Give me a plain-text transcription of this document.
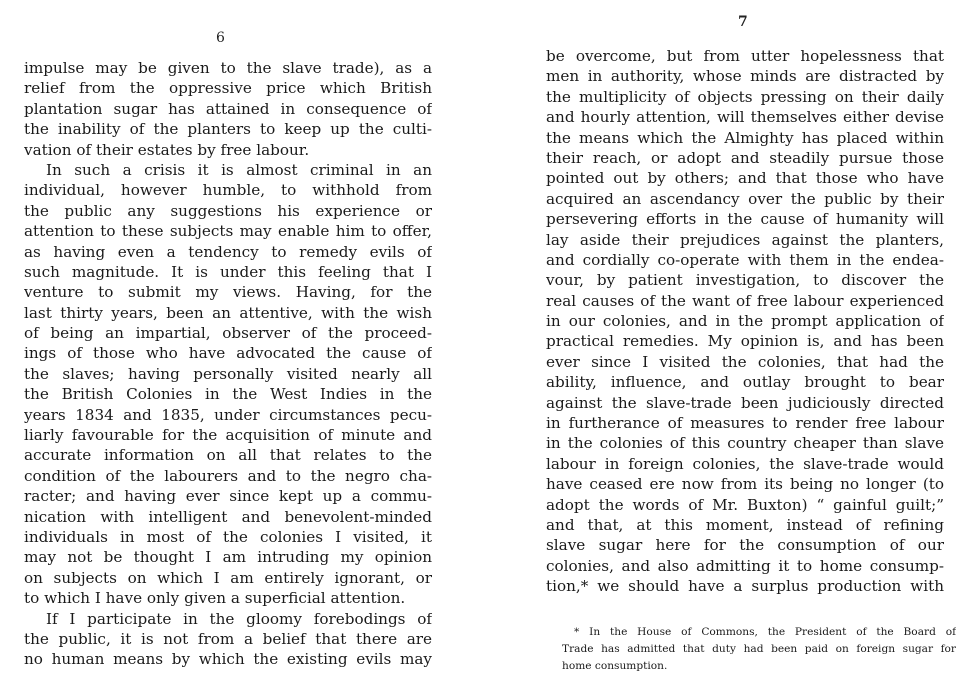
6
impulse may be given to the slave trade), as a
relief from the oppressive price which British
plantation sugar has attained in consequence of
the inability of the planters to keep up the culti-
vation of their estates by free labour.
In such a crisis it is almost criminal in an
individual, however humble, to withhold from
the public any suggestions his experience or
attention to these subjects may enable him to offer,
as having even a tendency to remedy evils of
such magnitude. It is under this feeling that I
venture to submit my views. Having, for the
last thirty years, been an attentive, with the wish
of being an impartial, observer of the proceed-
ings of those who have advocated the cause of
the slaves; having personally visited nearly all
the British Colonies in the West Indies in the
years 1834 and 1835, under circumstances pecu-
liarly favourable for the acquisition of minute and
accurate information on all that relates to the
condition of the labourers and to the negro cha-
racter; and having ever since kept up a commu-
nication with intelligent and benevolent-minded
individuals in most of the colonies I visited, it
may not be thought I am intruding my opinion
on subjects on which I am entirely ignorant, or
to which I have only given a superficial attention.
If I participate in the gloomy forebodings of
the public, it is not from a belief that there are
no human means by which the existing evils may
7
be overcome, but from utter hopelessness that
men in authority, whose minds are distracted by
the multiplicity of objects pressing on their daily
and hourly attention, will themselves either devise
the means which the Almighty has placed within
their reach, or adopt and steadily pursue those
pointed out by others; and that those who have
acquired an ascendancy over the public by their
persevering efforts in the cause of humanity will
lay aside their prejudices against the planters,
and cordially co-operate with them in the endea-
vour, by patient investigation, to discover the
real causes of the want of free labour experienced
in our colonies, and in the prompt application of
practical remedies. My opinion is, and has been
ever since I visited the colonies, that had the
ability, influence, and outlay brought to bear
against the slave-trade been judiciously directed
in furtherance of measures to render free labour
in the colonies of this country cheaper than slave
labour in foreign colonies, the slave-trade would
have ceased ere now from its being no longer (to
adopt the words of Mr. Buxton) “ gainful guilt;”
and that, at this moment, instead of refining
slave sugar here for the consumption of our
colonies, and also admitting it to home consump-
tion,* we should have a surplus production with
* In the House of Commons, the President of the Board of
Trade has admitted that duty had been paid on foreign sugar for
home consumption.
